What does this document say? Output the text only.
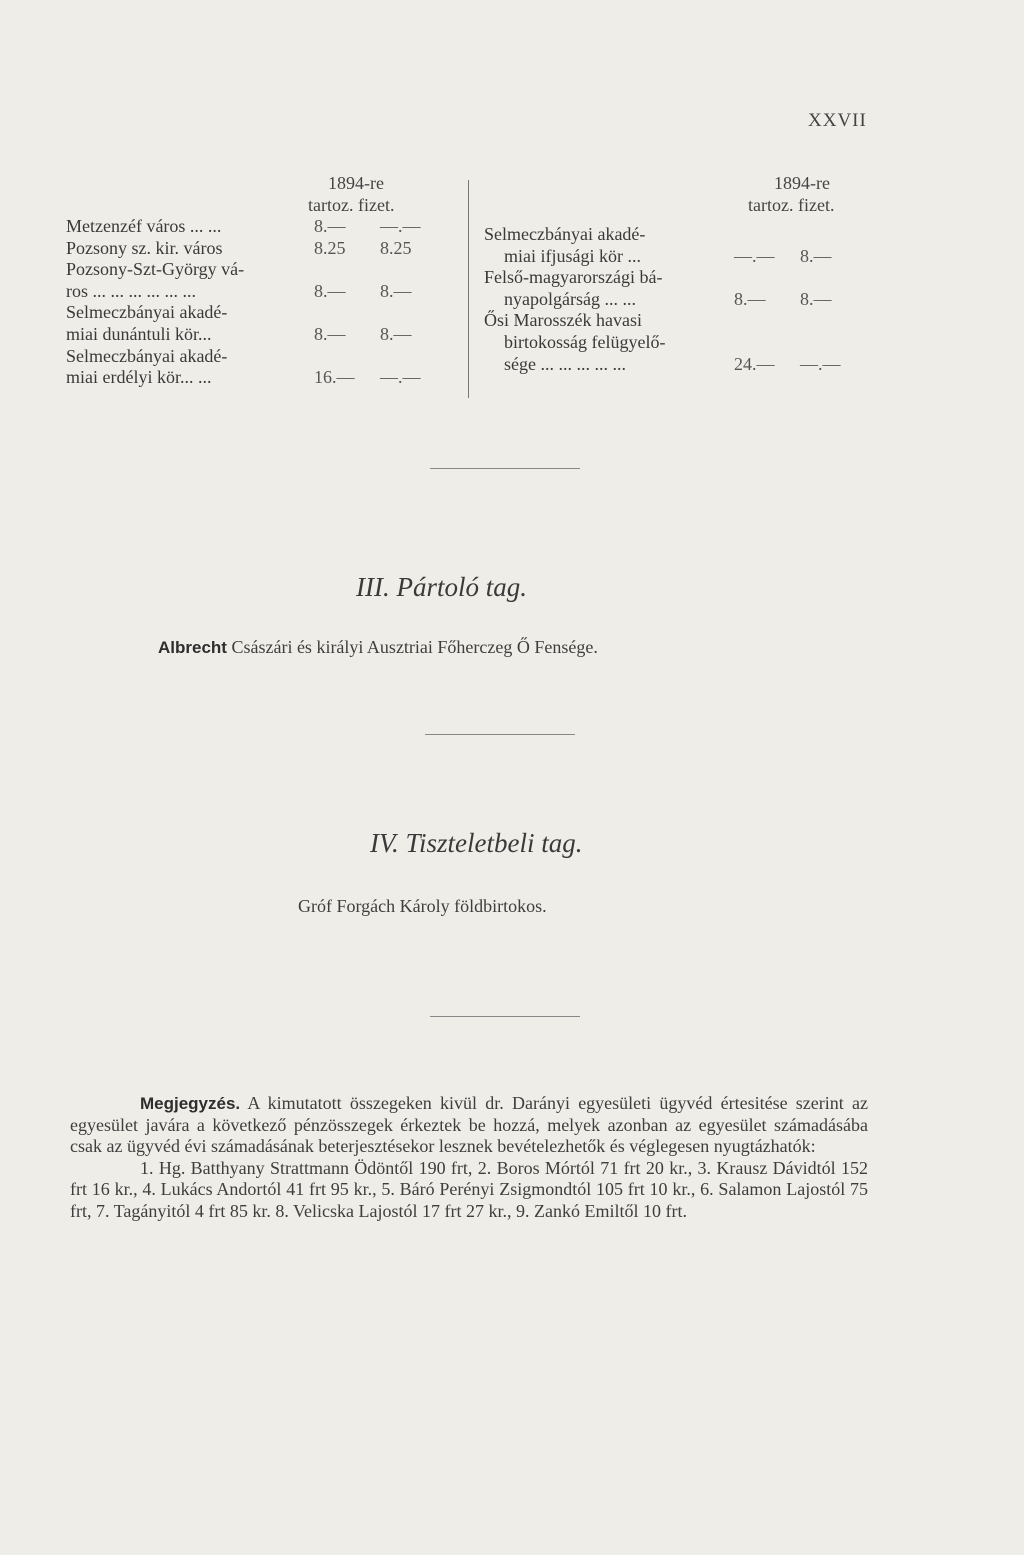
XXVII
1894-re
tartoz. fizet.
Metzenzéf város ... ...	8.— —.—
Pozsony sz. kir. város	8.25 8.25
Pozsony-Szt-György vá-
ros ... ... ... ... ... ...	8.— 8.—
Selmeczbányai akadé-
miai dunántuli kör...	8.— 8.—
Selmeczbányai akadé-
miai erdélyi kör... ...	16.— —.—
1894-re
tartoz. fizet.
Selmeczbányai akadé-
miai ifjusági kör ...	—.— 8.—
Felső-magyarországi bá-
nyapolgárság ... ...	8.— 8.—
Ősi Marosszék havasi
birtokosság felügyelő-
sége ... ... ... ... ...	24.— —.—
III. Pártoló tag.
Albrecht Császári és királyi Ausztriai Főherczeg Ő Fensége.
IV. Tiszteletbeli tag.
Gróf Forgách Károly földbirtokos.

Megjegyzés. A kimutatott összegeken kivül dr. Darányi egyesületi ügyvéd értesitése szerint az egyesület javára a következő pénzösszegek érkeztek be hozzá, melyek azonban az egyesület számadásába csak az ügyvéd évi számadásának beterjesztésekor lesznek bevételezhetők és véglegesen nyugtázhatók:

1. Hg. Batthyany Strattmann Ödöntől 190 frt, 2. Boros Mórtól 71 frt 20 kr., 3. Krausz Dávidtól 152 frt 16 kr., 4. Lukács Andortól 41 frt 95 kr., 5. Báró Perényi Zsigmondtól 105 frt 10 kr., 6. Salamon Lajostól 75 frt, 7. Tagányitól 4 frt 85 kr. 8. Velicska Lajostól 17 frt 27 kr., 9. Zankó Emiltől 10 frt.
